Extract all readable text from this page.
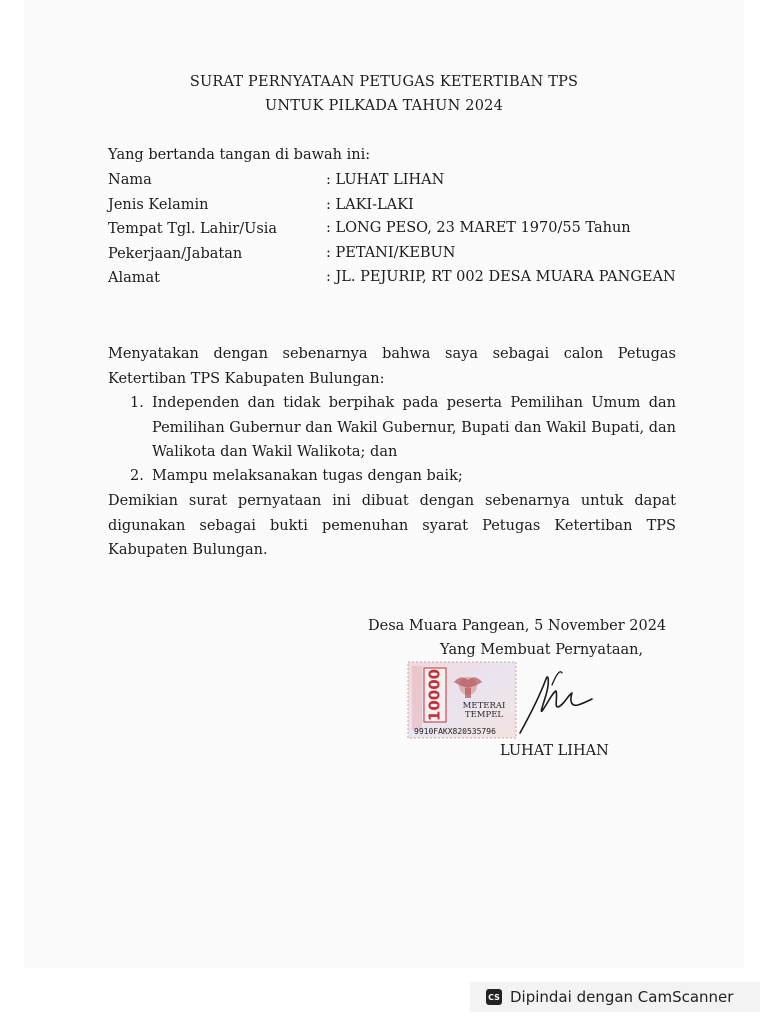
SURAT PERNYATAAN PETUGAS KETERTIBAN TPS
UNTUK PILKADA TAHUN 2024
Yang bertanda tangan di bawah ini:
Nama	: LUHAT LIHAN
Jenis Kelamin	: LAKI-LAKI
Tempat Tgl. Lahir/Usia	: LONG PESO, 23 MARET 1970/55 Tahun
Pekerjaan/Jabatan	: PETANI/KEBUN
Alamat	: JL. PEJURIP, RT 002 DESA MUARA PANGEAN
Menyatakan dengan sebenarnya bahwa saya sebagai calon Petugas Ketertiban TPS Kabupaten Bulungan:
1. Independen dan tidak berpihak pada peserta Pemilihan Umum dan Pemilihan Gubernur dan Wakil Gubernur, Bupati dan Wakil Bupati, dan Walikota dan Wakil Walikota; dan
2. Mampu melaksanakan tugas dengan baik;
Demikian surat pernyataan ini dibuat dengan sebenarnya untuk dapat digunakan sebagai bukti pemenuhan syarat Petugas Ketertiban TPS Kabupaten Bulungan.
Desa Muara Pangean, 5 November 2024
Yang Membuat Pernyataan,
10000 METERAI
TEMPEL
9910FAKX820535796
LUHAT LIHAN
CS Dipindai dengan CamScanner
